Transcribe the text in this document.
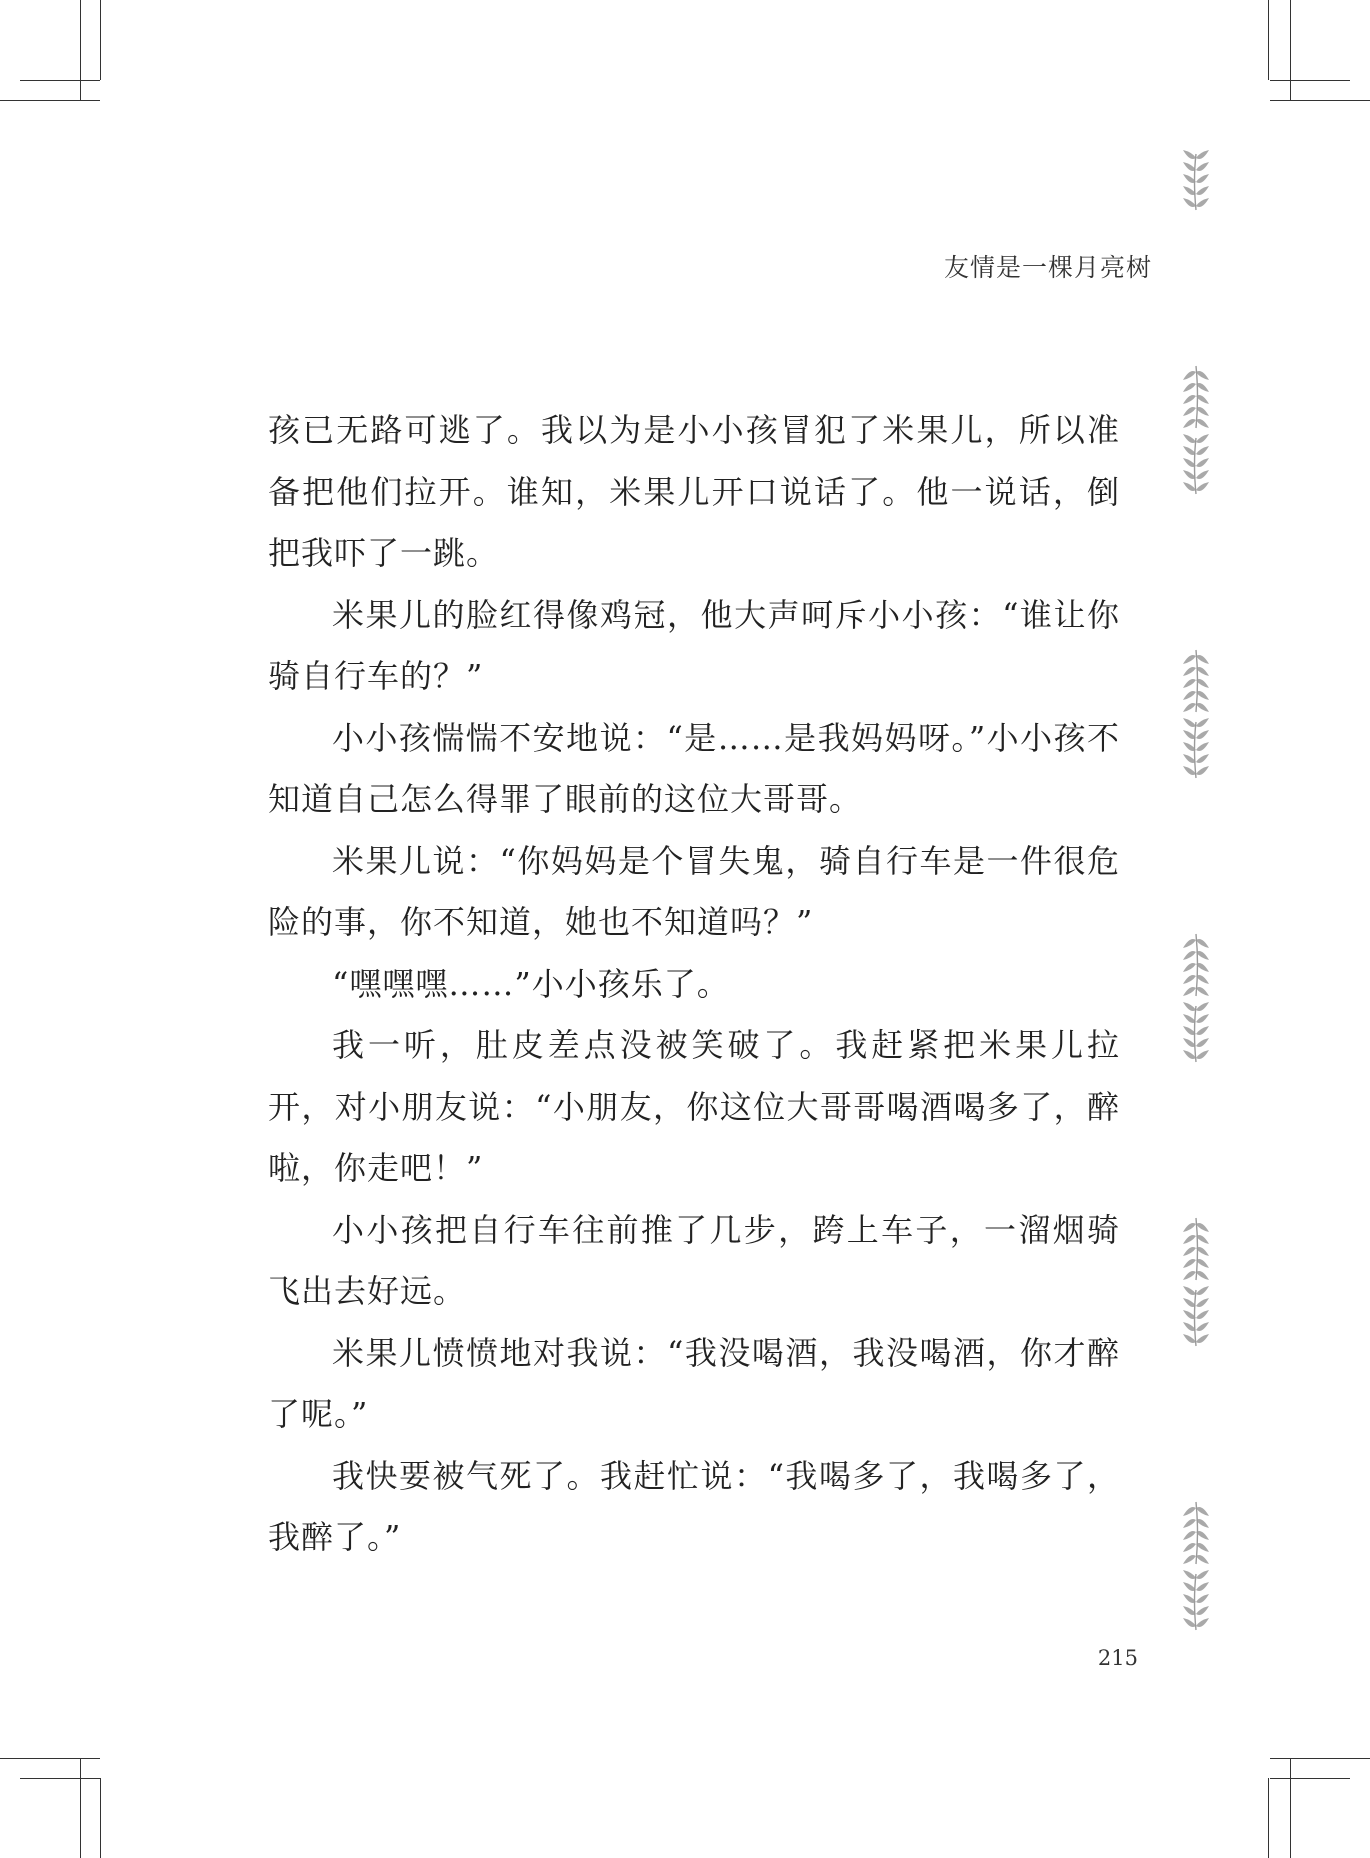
友情是一棵月亮树

孩已无路可逃了。我以为是小小孩冒犯了米果儿，所以准备把他们拉开。谁知，米果儿开口说话了。他一说话，倒把我吓了一跳。

米果儿的脸红得像鸡冠，他大声呵斥小小孩：“谁让你骑自行车的？”

小小孩惴惴不安地说：“是……是我妈妈呀。”小小孩不知道自己怎么得罪了眼前的这位大哥哥。

米果儿说：“你妈妈是个冒失鬼，骑自行车是一件很危险的事，你不知道，她也不知道吗？”

“嘿嘿嘿……”小小孩乐了。

我一听，肚皮差点没被笑破了。我赶紧把米果儿拉开，对小朋友说：“小朋友，你这位大哥哥喝酒喝多了，醉啦，你走吧！”

小小孩把自行车往前推了几步，跨上车子，一溜烟骑飞出去好远。

米果儿愤愤地对我说：“我没喝酒，我没喝酒，你才醉了呢。”

我快要被气死了。我赶忙说：“我喝多了，我喝多了，我醉了。”

215
